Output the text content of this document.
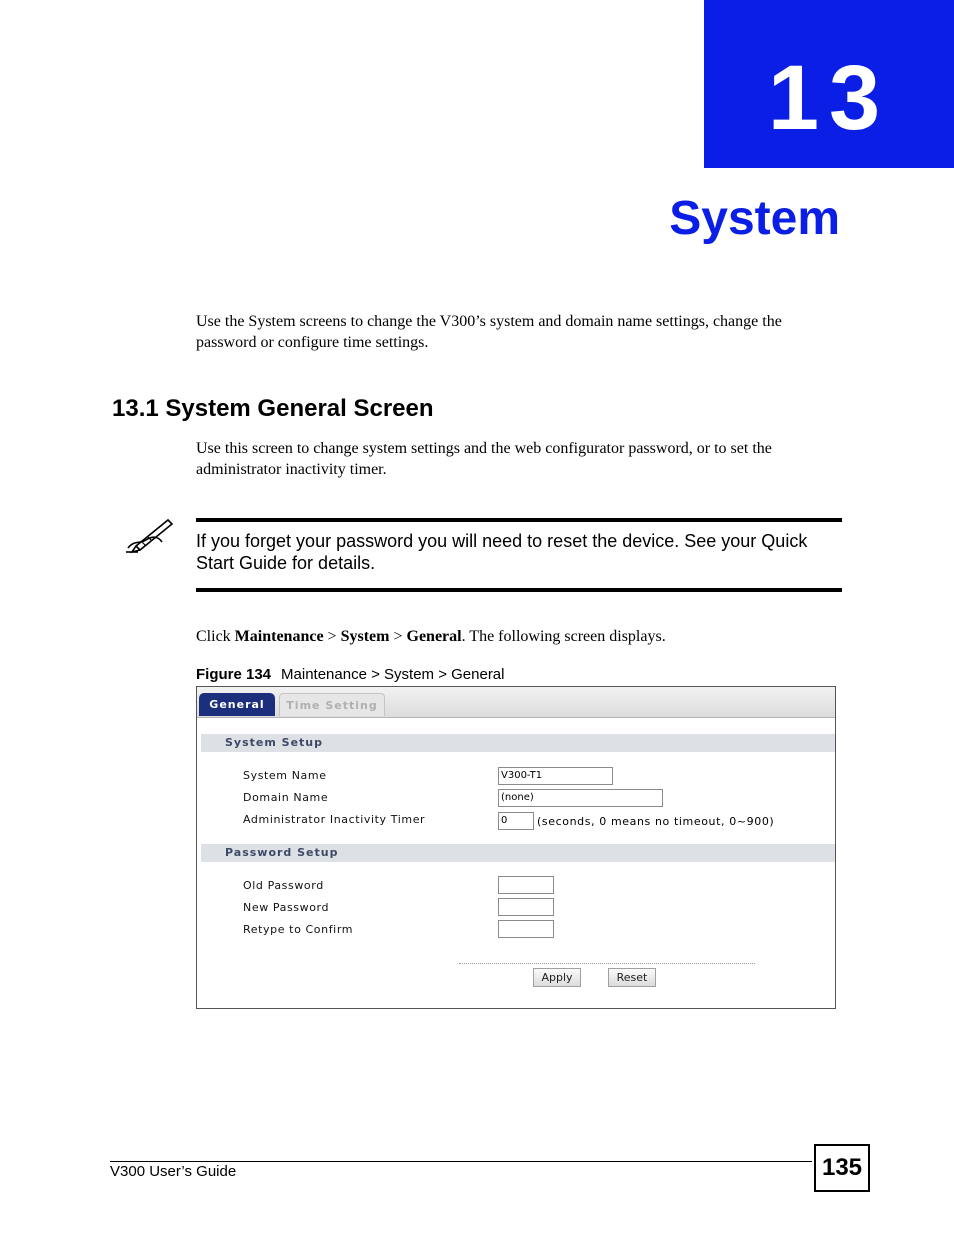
13
System
Use the System screens to change the V300’s system and domain name settings, change the password or configure time settings.
13.1 System General Screen
Use this screen to change system settings and the web configurator password, or to set the administrator inactivity timer.
If you forget your password you will need to reset the device. See your Quick Start Guide for details.
Click Maintenance > System > General. The following screen displays.
Figure 134 Maintenance > System > General
General	Time Setting
System Setup
System Name	V300-T1
Domain Name	(none)
Administrator Inactivity Timer	0	(seconds, 0 means no timeout, 0~900)
Password Setup
Old Password
New Password
Retype to Confirm
Apply	Reset
V300 User’s Guide	135
